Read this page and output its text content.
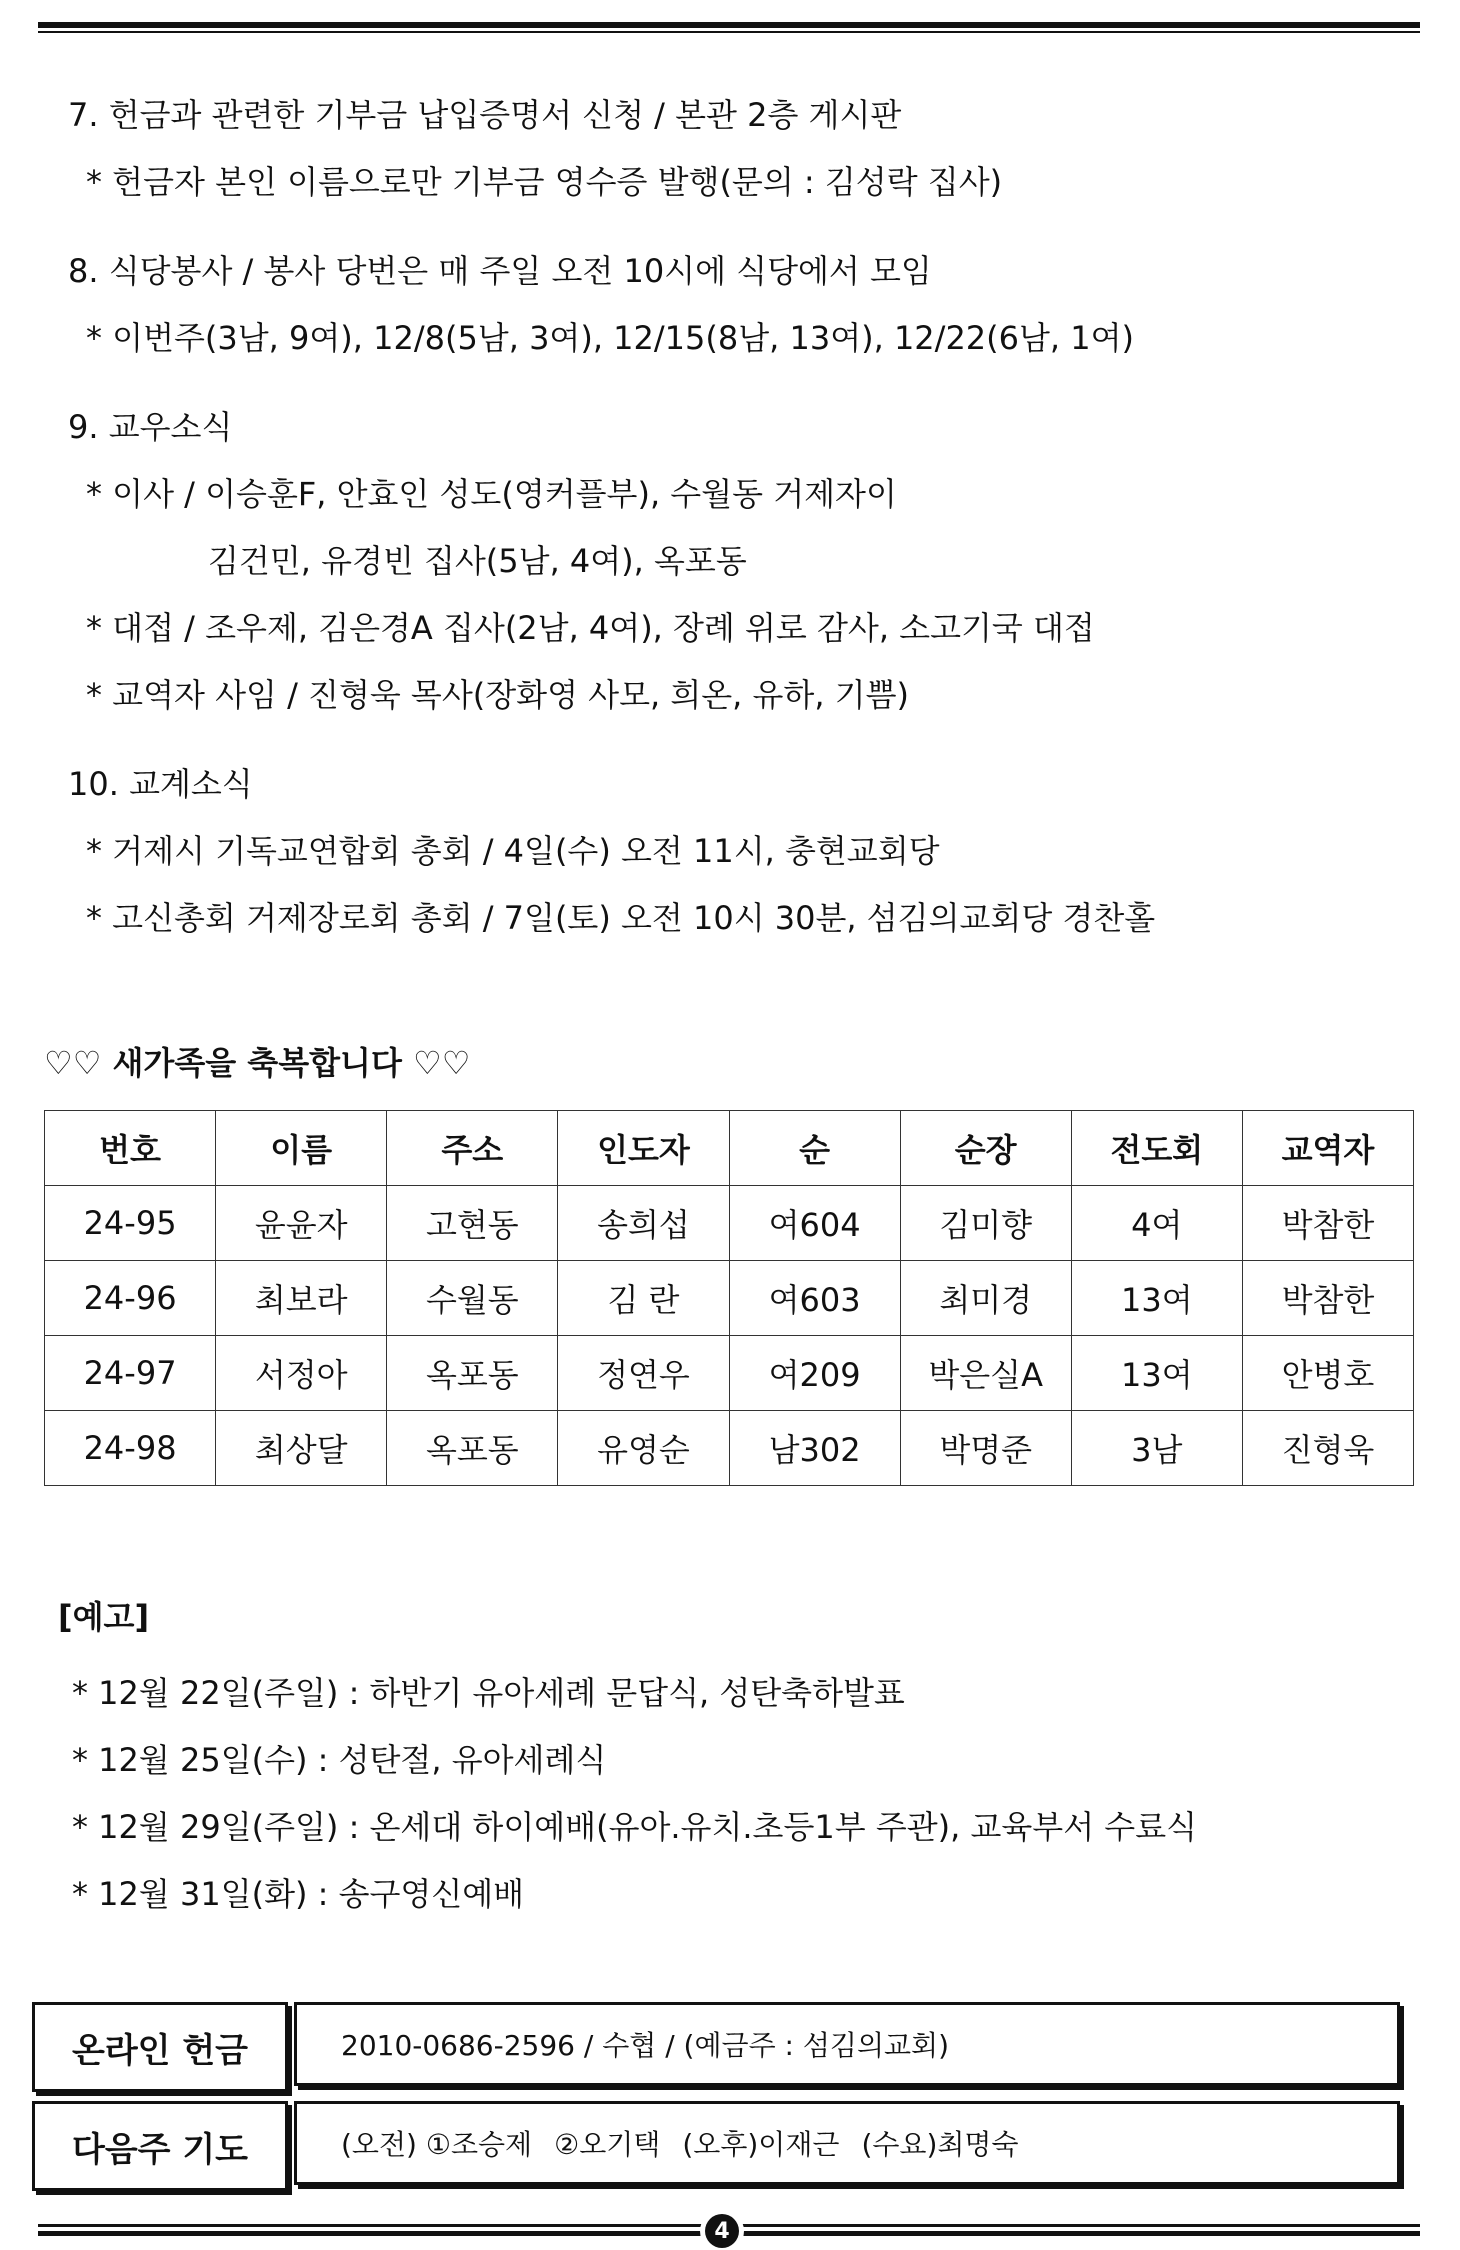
7. 헌금과 관련한 기부금 납입증명서 신청 / 본관 2층 게시판
* 헌금자 본인 이름으로만 기부금 영수증 발행(문의 : 김성락 집사)
8. 식당봉사 / 봉사 당번은 매 주일 오전 10시에 식당에서 모임
* 이번주(3남, 9여), 12/8(5남, 3여), 12/15(8남, 13여), 12/22(6남, 1여)
9. 교우소식
* 이사 / 이승훈F, 안효인 성도(영커플부), 수월동 거제자이
김건민, 유경빈 집사(5남, 4여), 옥포동
* 대접 / 조우제, 김은경A 집사(2남, 4여), 장례 위로 감사, 소고기국 대접
* 교역자 사임 / 진형욱 목사(장화영 사모, 희온, 유하, 기쁨)
10. 교계소식
* 거제시 기독교연합회 총회 / 4일(수) 오전 11시, 충현교회당
* 고신총회 거제장로회 총회 / 7일(토) 오전 10시 30분, 섬김의교회당 경찬홀
♡♡ 새가족을 축복합니다 ♡♡
번호	이름	주소	인도자	순	순장	전도회	교역자
24-95	윤윤자	고현동	송희섭	여604	김미향	4여	박참한
24-96	최보라	수월동	김 란	여603	최미경	13여	박참한
24-97	서정아	옥포동	정연우	여209	박은실A	13여	안병호
24-98	최상달	옥포동	유영순	남302	박명준	3남	진형욱
[예고]
* 12월 22일(주일) : 하반기 유아세례 문답식, 성탄축하발표
* 12월 25일(수) : 성탄절, 유아세례식
* 12월 29일(주일) : 온세대 하이예배(유아.유치.초등1부 주관), 교육부서 수료식
* 12월 31일(화) : 송구영신예배
온라인 헌금	2010-0686-2596 / 수협 / (예금주 : 섬김의교회)
다음주 기도	(오전) ①조승제 ②오기택 (오후)이재근 (수요)최명숙
4
